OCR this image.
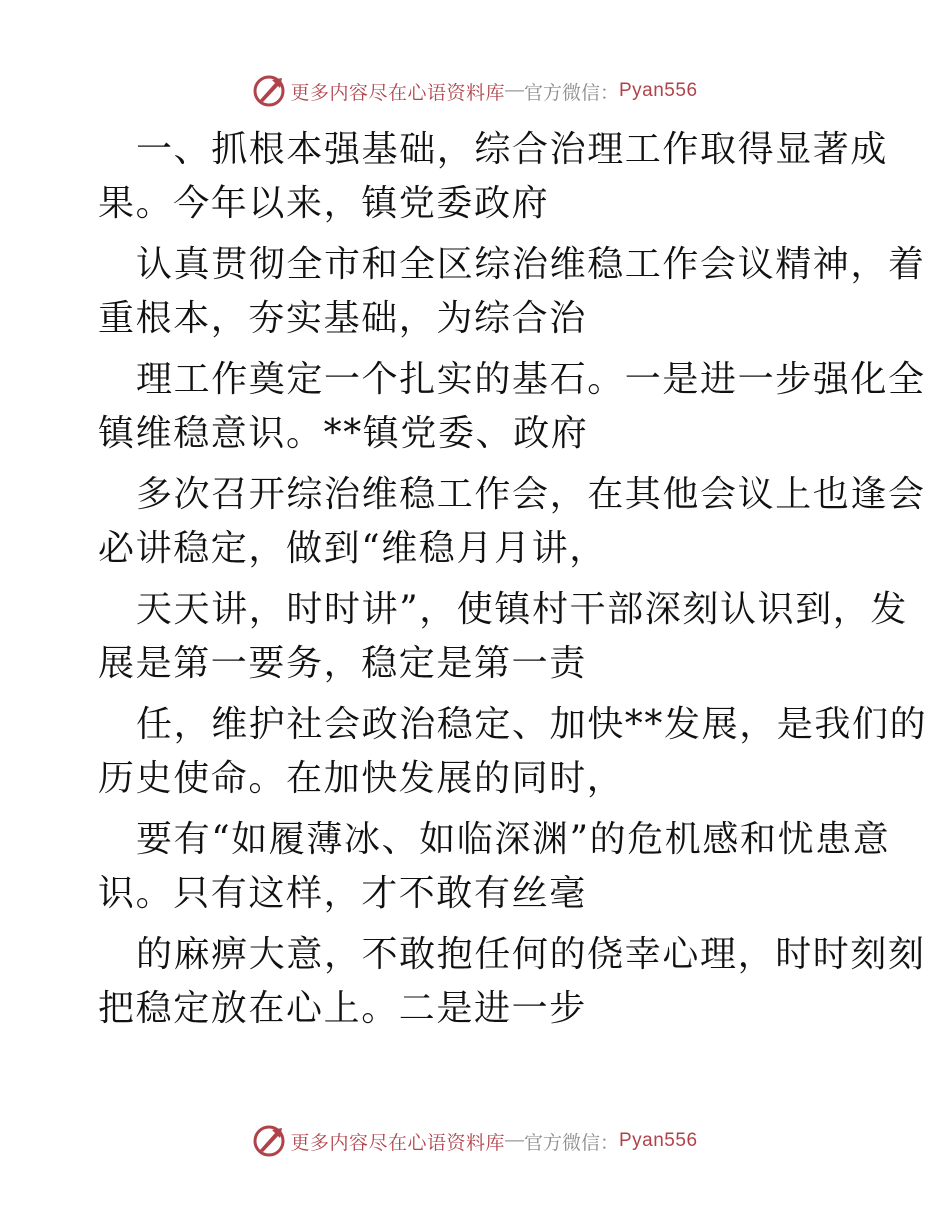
更多内容尽在心语资料库 — 官方微信： Pyan556
一、抓根本强基础，综合治理工作取得显著成
果。今年以来，镇党委政府
认真贯彻全市和全区综治维稳工作会议精神，着
重根本，夯实基础，为综合治
理工作奠定一个扎实的基石。一是进一步强化全
镇维稳意识。**镇党委、政府
多次召开综治维稳工作会，在其他会议上也逢会
必讲稳定，做到“维稳月月讲，
天天讲，时时讲”，使镇村干部深刻认识到，发
展是第一要务，稳定是第一责
任，维护社会政治稳定、加快**发展，是我们的
历史使命。在加快发展的同时，
要有“如履薄冰、如临深渊”的危机感和忧患意
识。只有这样，才不敢有丝毫
的麻痹大意，不敢抱任何的侥幸心理，时时刻刻
把稳定放在心上。二是进一步
更多内容尽在心语资料库 — 官方微信： Pyan556
